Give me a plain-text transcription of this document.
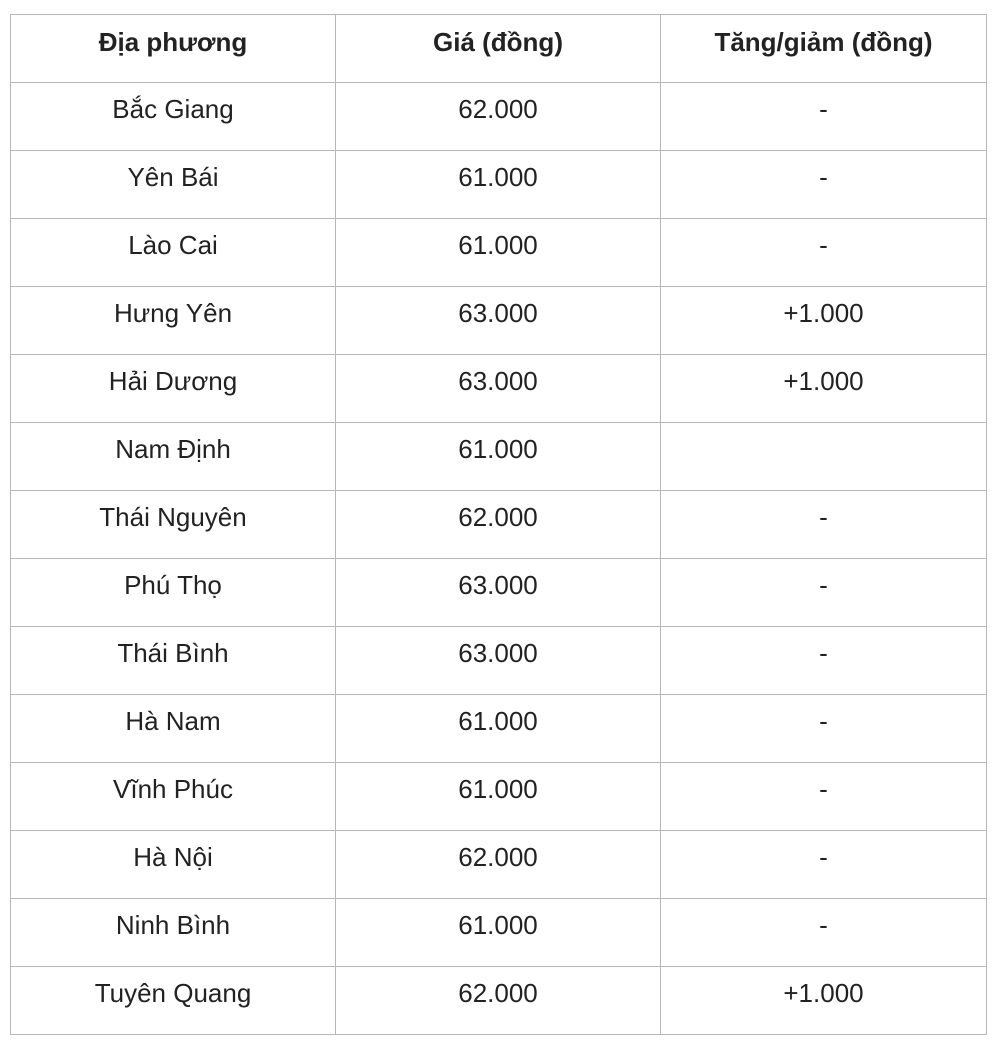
Địa phương	Giá (đồng)	Tăng/giảm (đồng)
Bắc Giang	62.000	-
Yên Bái	61.000	-
Lào Cai	61.000	-
Hưng Yên	63.000	+1.000
Hải Dương	63.000	+1.000
Nam Định	61.000	
Thái Nguyên	62.000	-
Phú Thọ	63.000	-
Thái Bình	63.000	-
Hà Nam	61.000	-
Vĩnh Phúc	61.000	-
Hà Nội	62.000	-
Ninh Bình	61.000	-
Tuyên Quang	62.000	+1.000
